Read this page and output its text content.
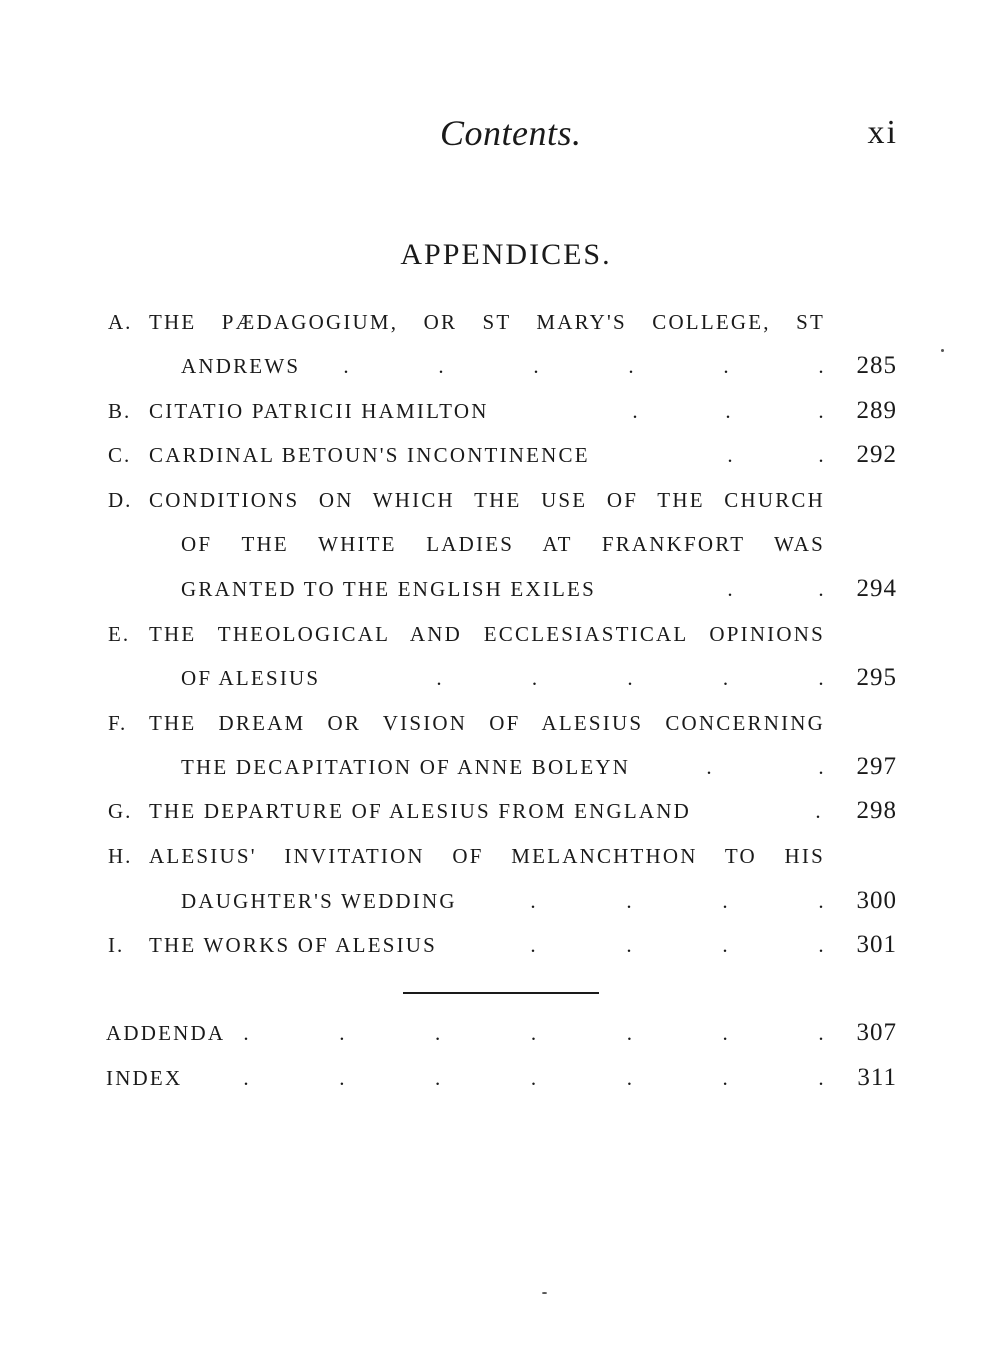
Contents.	xi
APPENDICES.
A. THE PÆDAGOGIUM, OR ST MARY'S COLLEGE, ST
ANDREWS .	.	.	.	.	.	285
B. CITATIO PATRICII HAMILTON	.	.	.	289
C. CARDINAL BETOUN'S INCONTINENCE	.	.	292
D. CONDITIONS ON WHICH THE USE OF THE CHURCH
OF THE WHITE LADIES AT FRANKFORT WAS
GRANTED TO THE ENGLISH EXILES	.	.	294
E. THE THEOLOGICAL AND ECCLESIASTICAL OPINIONS
OF ALESIUS	.	.	.	.	.	295
F. THE DREAM OR VISION OF ALESIUS CONCERNING
THE DECAPITATION OF ANNE BOLEYN	.	.	297
G. THE DEPARTURE OF ALESIUS FROM ENGLAND	.	298
H. ALESIUS' INVITATION OF MELANCHTHON TO HIS
DAUGHTER'S WEDDING	.	.	.	.	300
I. THE WORKS OF ALESIUS	.	.	.	.	301
ADDENDA .	.	.	.	.	.	.	307
INDEX	.	.	.	.	.	.	.	311
